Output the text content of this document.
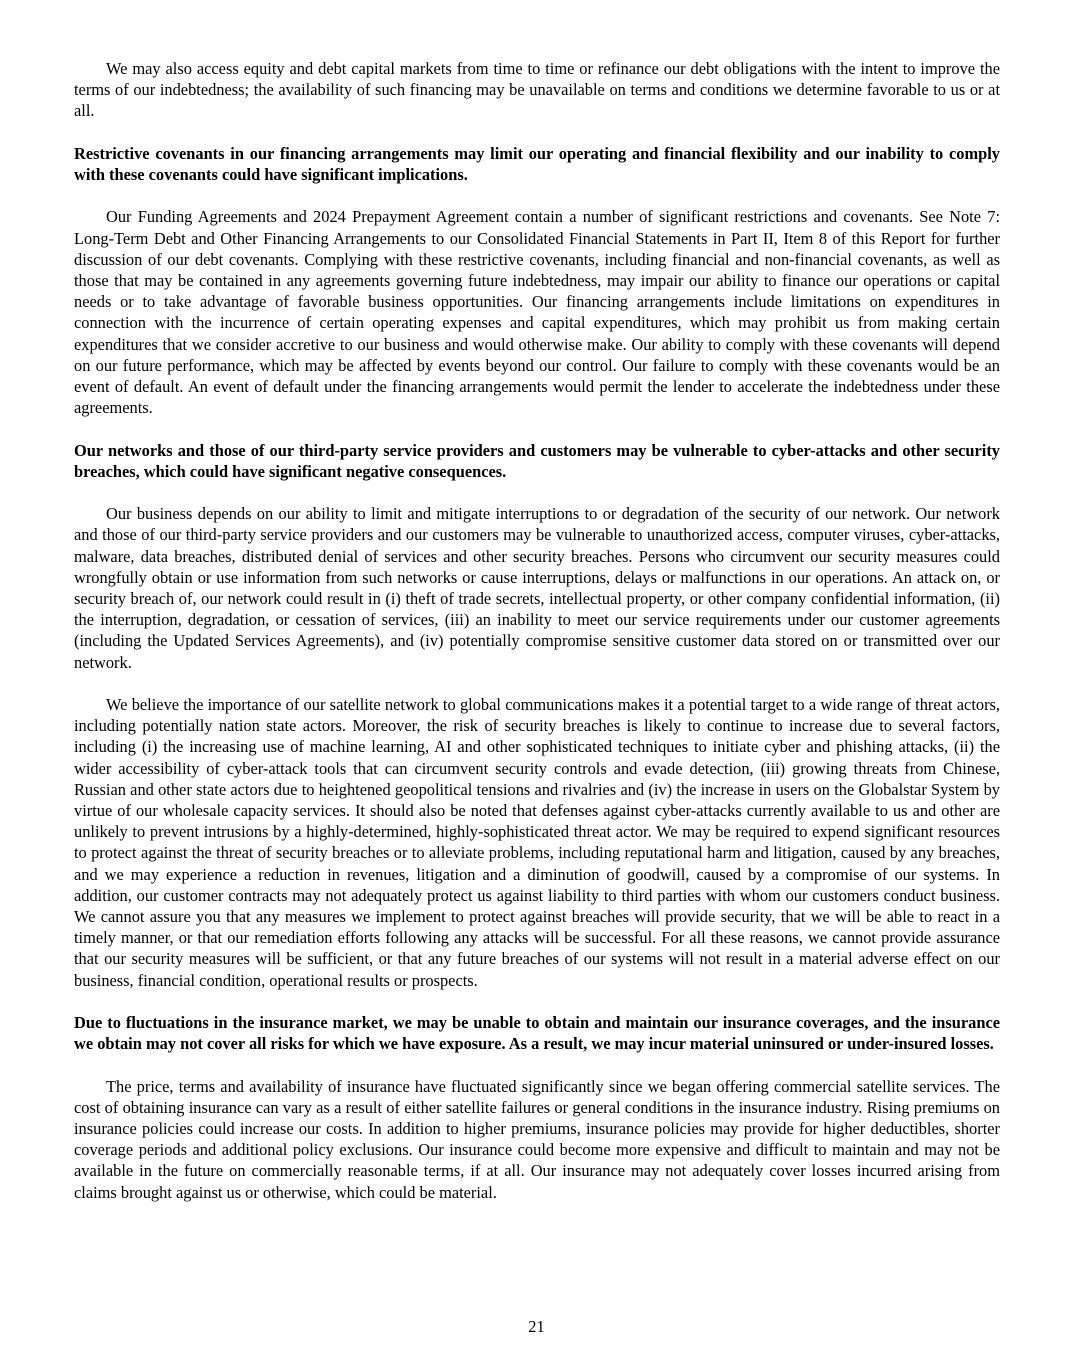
We may also access equity and debt capital markets from time to time or refinance our debt obligations with the intent to improve the terms of our indebtedness; the availability of such financing may be unavailable on terms and conditions we determine favorable to us or at all.

Restrictive covenants in our financing arrangements may limit our operating and financial flexibility and our inability to comply with these covenants could have significant implications.

Our Funding Agreements and 2024 Prepayment Agreement contain a number of significant restrictions and covenants. See Note 7: Long-Term Debt and Other Financing Arrangements to our Consolidated Financial Statements in Part II, Item 8 of this Report for further discussion of our debt covenants. Complying with these restrictive covenants, including financial and non-financial covenants, as well as those that may be contained in any agreements governing future indebtedness, may impair our ability to finance our operations or capital needs or to take advantage of favorable business opportunities. Our financing arrangements include limitations on expenditures in connection with the incurrence of certain operating expenses and capital expenditures, which may prohibit us from making certain expenditures that we consider accretive to our business and would otherwise make. Our ability to comply with these covenants will depend on our future performance, which may be affected by events beyond our control. Our failure to comply with these covenants would be an event of default. An event of default under the financing arrangements would permit the lender to accelerate the indebtedness under these agreements.

Our networks and those of our third-party service providers and customers may be vulnerable to cyber-attacks and other security breaches, which could have significant negative consequences.

Our business depends on our ability to limit and mitigate interruptions to or degradation of the security of our network. Our network and those of our third-party service providers and our customers may be vulnerable to unauthorized access, computer viruses, cyber-attacks, malware, data breaches, distributed denial of services and other security breaches. Persons who circumvent our security measures could wrongfully obtain or use information from such networks or cause interruptions, delays or malfunctions in our operations. An attack on, or security breach of, our network could result in (i) theft of trade secrets, intellectual property, or other company confidential information, (ii) the interruption, degradation, or cessation of services, (iii) an inability to meet our service requirements under our customer agreements (including the Updated Services Agreements), and (iv) potentially compromise sensitive customer data stored on or transmitted over our network.

We believe the importance of our satellite network to global communications makes it a potential target to a wide range of threat actors, including potentially nation state actors. Moreover, the risk of security breaches is likely to continue to increase due to several factors, including (i) the increasing use of machine learning, AI and other sophisticated techniques to initiate cyber and phishing attacks, (ii) the wider accessibility of cyber-attack tools that can circumvent security controls and evade detection, (iii) growing threats from Chinese, Russian and other state actors due to heightened geopolitical tensions and rivalries and (iv) the increase in users on the Globalstar System by virtue of our wholesale capacity services. It should also be noted that defenses against cyber-attacks currently available to us and other are unlikely to prevent intrusions by a highly-determined, highly-sophisticated threat actor. We may be required to expend significant resources to protect against the threat of security breaches or to alleviate problems, including reputational harm and litigation, caused by any breaches, and we may experience a reduction in revenues, litigation and a diminution of goodwill, caused by a compromise of our systems. In addition, our customer contracts may not adequately protect us against liability to third parties with whom our customers conduct business. We cannot assure you that any measures we implement to protect against breaches will provide security, that we will be able to react in a timely manner, or that our remediation efforts following any attacks will be successful. For all these reasons, we cannot provide assurance that our security measures will be sufficient, or that any future breaches of our systems will not result in a material adverse effect on our business, financial condition, operational results or prospects.

Due to fluctuations in the insurance market, we may be unable to obtain and maintain our insurance coverages, and the insurance we obtain may not cover all risks for which we have exposure. As a result, we may incur material uninsured or under-insured losses.

The price, terms and availability of insurance have fluctuated significantly since we began offering commercial satellite services. The cost of obtaining insurance can vary as a result of either satellite failures or general conditions in the insurance industry. Rising premiums on insurance policies could increase our costs. In addition to higher premiums, insurance policies may provide for higher deductibles, shorter coverage periods and additional policy exclusions. Our insurance could become more expensive and difficult to maintain and may not be available in the future on commercially reasonable terms, if at all. Our insurance may not adequately cover losses incurred arising from claims brought against us or otherwise, which could be material.

21
